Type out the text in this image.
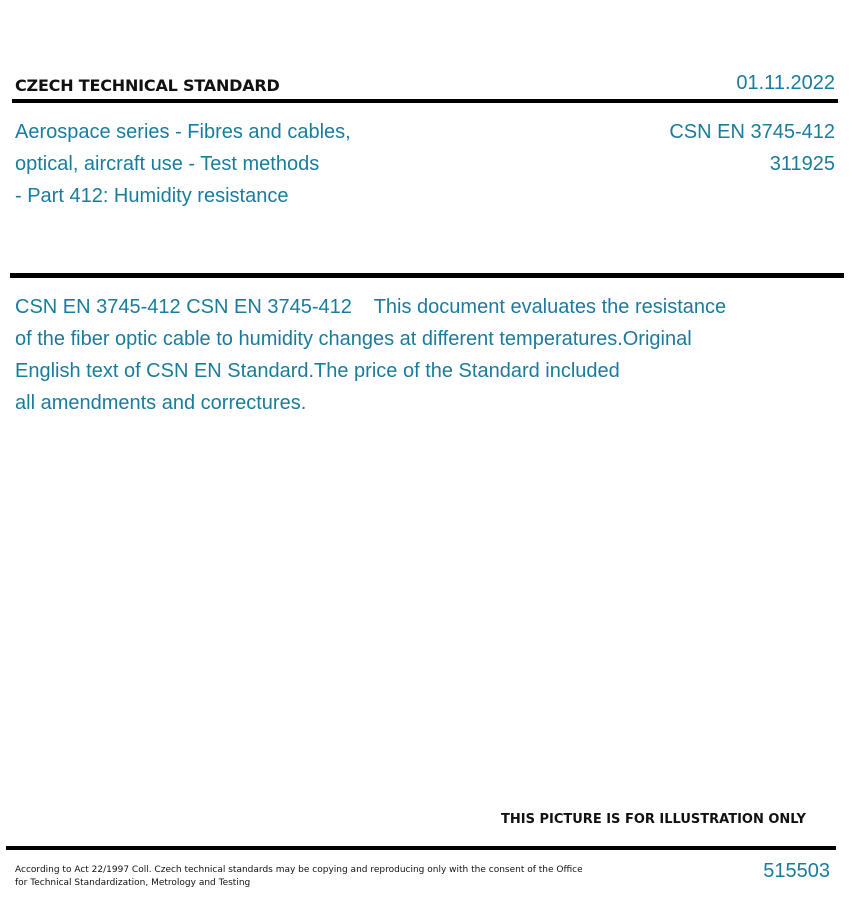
CZECH TECHNICAL STANDARD	01.11.2022
Aerospace series - Fibres and cables,
optical, aircraft use - Test methods
- Part 412: Humidity resistance
CSN EN 3745-412
311925
CSN EN 3745-412 CSN EN 3745-412    This document evaluates the resistance
of the fiber optic cable to humidity changes at different temperatures.Original
English text of CSN EN Standard.The price of the Standard included
all amendments and correctures.
THIS PICTURE IS FOR ILLUSTRATION ONLY
According to Act 22/1997 Coll. Czech technical standards may be copying and reproducing only with the consent of the Office
for Technical Standardization, Metrology and Testing
515503
